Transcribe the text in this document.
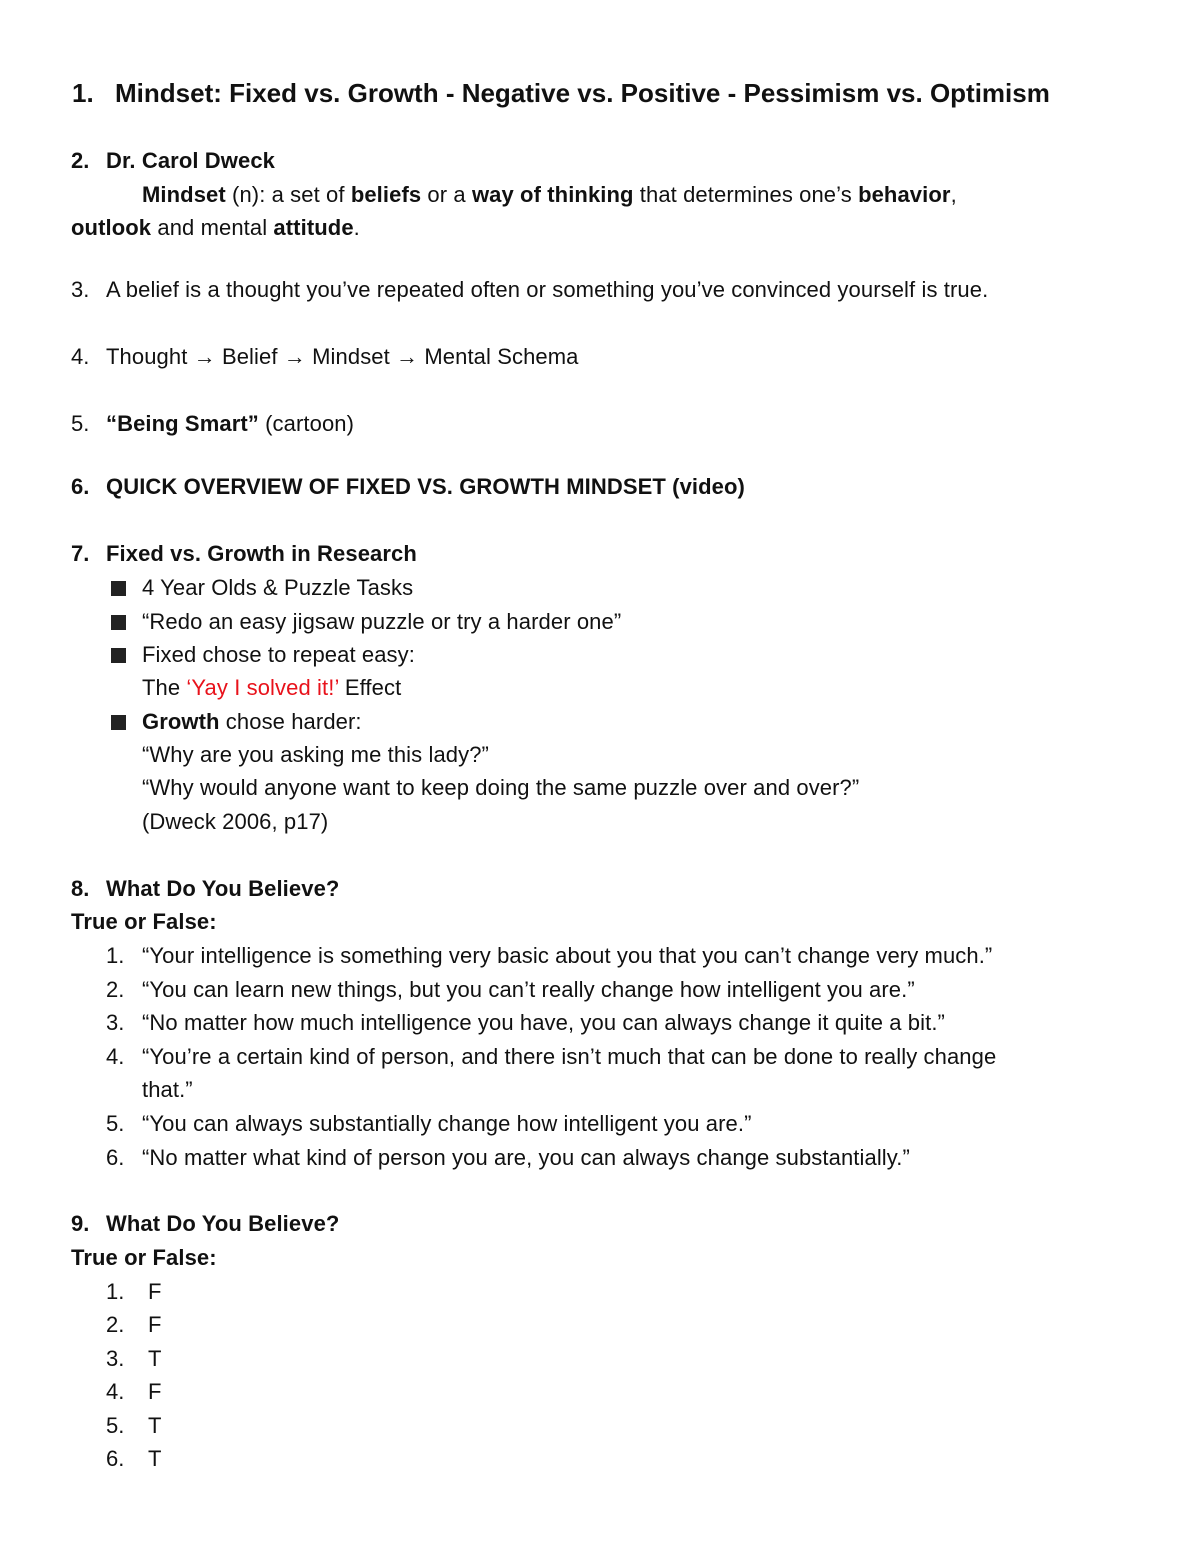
1. Mindset: Fixed vs. Growth - Negative vs. Positive - Pessimism vs. Optimism
2. Dr. Carol Dweck
Mindset (n): a set of beliefs or a way of thinking that determines one’s behavior,
outlook and mental attitude.
3. A belief is a thought you’ve repeated often or something you’ve convinced yourself is true.
4. Thought → Belief → Mindset → Mental Schema
5. “Being Smart” (cartoon)
6. QUICK OVERVIEW OF FIXED VS. GROWTH MINDSET (video)
7. Fixed vs. Growth in Research
4 Year Olds & Puzzle Tasks
“Redo an easy jigsaw puzzle or try a harder one”
Fixed chose to repeat easy:
The ‘Yay I solved it!’ Effect
Growth chose harder:
“Why are you asking me this lady?”
“Why would anyone want to keep doing the same puzzle over and over?”
(Dweck 2006, p17)
8. What Do You Believe?
True or False:
1. “Your intelligence is something very basic about you that you can’t change very much.”
2. “You can learn new things, but you can’t really change how intelligent you are.”
3. “No matter how much intelligence you have, you can always change it quite a bit.”
4. “You’re a certain kind of person, and there isn’t much that can be done to really change
that.”
5. “You can always substantially change how intelligent you are.”
6. “No matter what kind of person you are, you can always change substantially.”
9. What Do You Believe?
True or False:
1. F
2. F
3. T
4. F
5. T
6. T
